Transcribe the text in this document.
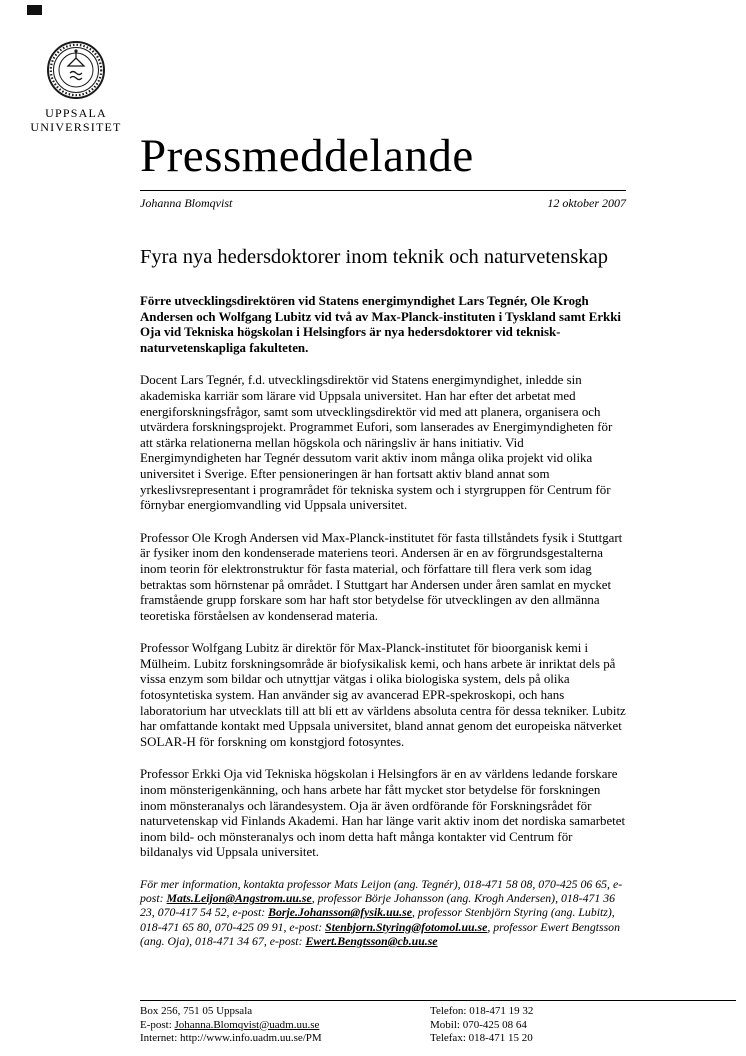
UPPSALA
UNIVERSITET
Pressmeddelande
Johanna Blomqvist	12 oktober 2007
Fyra nya hedersdoktorer inom teknik och naturvetenskap

Förre utvecklingsdirektören vid Statens energimyndighet Lars Tegnér, Ole Krogh Andersen och Wolfgang Lubitz vid två av Max-Planck-instituten i Tyskland samt Erkki Oja vid Tekniska högskolan i Helsingfors är nya hedersdoktorer vid teknisk-naturvetenskapliga fakulteten.

Docent Lars Tegnér, f.d. utvecklingsdirektör vid Statens energimyndighet, inledde sin akademiska karriär som lärare vid Uppsala universitet. Han har efter det arbetat med energiforskningsfrågor, samt som utvecklingsdirektör vid med att planera, organisera och utvärdera forskningsprojekt. Programmet Eufori, som lanserades av Energimyndigheten för att stärka relationerna mellan högskola och näringsliv är hans initiativ. Vid Energimyndigheten har Tegnér dessutom varit aktiv inom många olika projekt vid olika universitet i Sverige. Efter pensioneringen är han fortsatt aktiv bland annat som yrkeslivsrepresentant i programrådet för tekniska system och i styrgruppen för Centrum för förnybar energiomvandling vid Uppsala universitet.

Professor Ole Krogh Andersen vid Max-Planck-institutet för fasta tillståndets fysik i Stuttgart är fysiker inom den kondenserade materiens teori. Andersen är en av förgrundsgestalterna inom teorin för elektronstruktur för fasta material, och författare till flera verk som idag betraktas som hörnstenar på området. I Stuttgart har Andersen under åren samlat en mycket framstående grupp forskare som har haft stor betydelse för utvecklingen av den allmänna teoretiska förståelsen av kondenserad materia.

Professor Wolfgang Lubitz är direktör för Max-Planck-institutet för bioorganisk kemi i Mülheim. Lubitz forskningsområde är biofysikalisk kemi, och hans arbete är inriktat dels på vissa enzym som bildar och utnyttjar vätgas i olika biologiska system, dels på olika fotosyntetiska system. Han använder sig av avancerad EPR-spekroskopi, och hans laboratorium har utvecklats till att bli ett av världens absoluta centra för dessa tekniker. Lubitz har omfattande kontakt med Uppsala universitet, bland annat genom det europeiska nätverket SOLAR-H för forskning om konstgjord fotosyntes.

Professor Erkki Oja vid Tekniska högskolan i Helsingfors är en av världens ledande forskare inom mönsterigenkänning, och hans arbete har fått mycket stor betydelse för forskningen inom mönsteranalys och lärandesystem. Oja är även ordförande för Forskningsrådet för naturvetenskap vid Finlands Akademi. Han har länge varit aktiv inom det nordiska samarbetet inom bild- och mönsteranalys och inom detta haft många kontakter vid Centrum för bildanalys vid Uppsala universitet.

För mer information, kontakta professor Mats Leijon (ang. Tegnér), 018-471 58 08, 070-425 06 65, e-post: Mats.Leijon@Angstrom.uu.se, professor Börje Johansson (ang. Krogh Andersen), 018-471 36 23, 070-417 54 52, e-post: Borje.Johansson@fysik.uu.se, professor Stenbjörn Styring (ang. Lubitz), 018-471 65 80, 070-425 09 91, e-post: Stenbjorn.Styring@fotomol.uu.se, professor Ewert Bengtsson (ang. Oja), 018-471 34 67, e-post: Ewert.Bengtsson@cb.uu.se

Box 256, 751 05 Uppsala
E-post: Johanna.Blomqvist@uadm.uu.se
Internet: http://www.info.uadm.uu.se/PM
Telefon: 018-471 19 32
Mobil: 070-425 08 64
Telefax: 018-471 15 20
